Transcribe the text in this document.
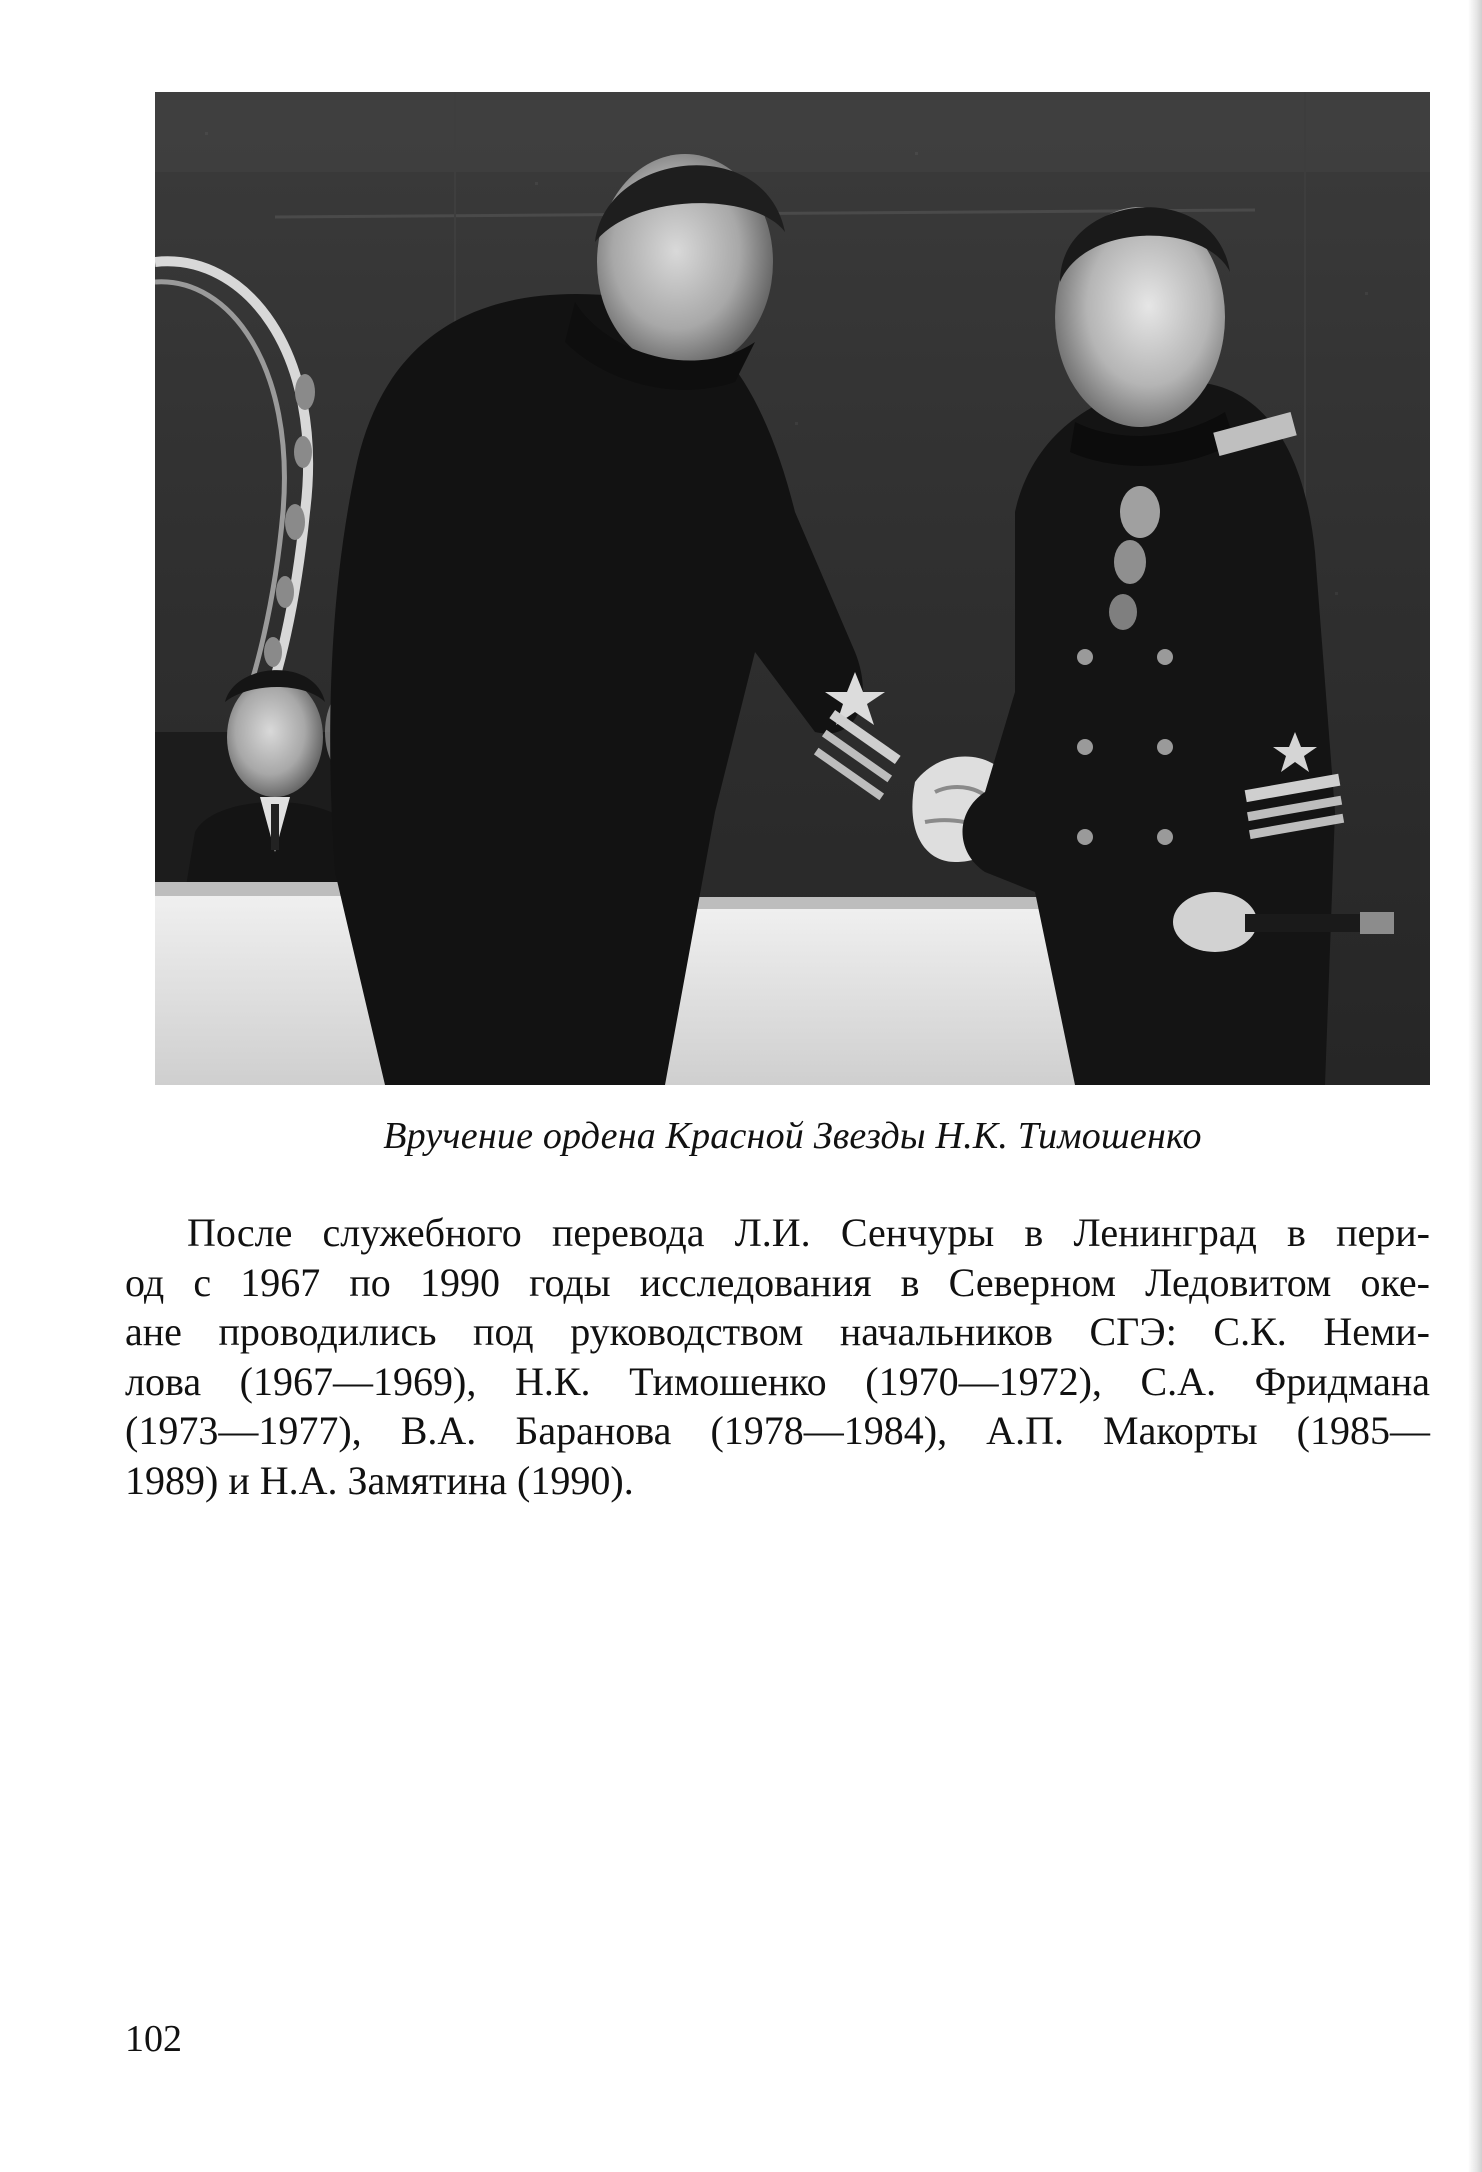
Вручение ордена Красной Звезды Н.К. Тимошенко
После служебного перевода Л.И. Сенчуры в Ленинград в пери-
од с 1967 по 1990 годы исследования в Северном Ледовитом оке-
ане проводились под руководством начальников СГЭ: С.К. Неми-
лова (1967—1969), Н.К. Тимошенко (1970—1972), С.А. Фридмана
(1973—1977), В.А. Баранова (1978—1984), А.П. Макорты (1985—
1989) и Н.А. Замятина (1990).
102
